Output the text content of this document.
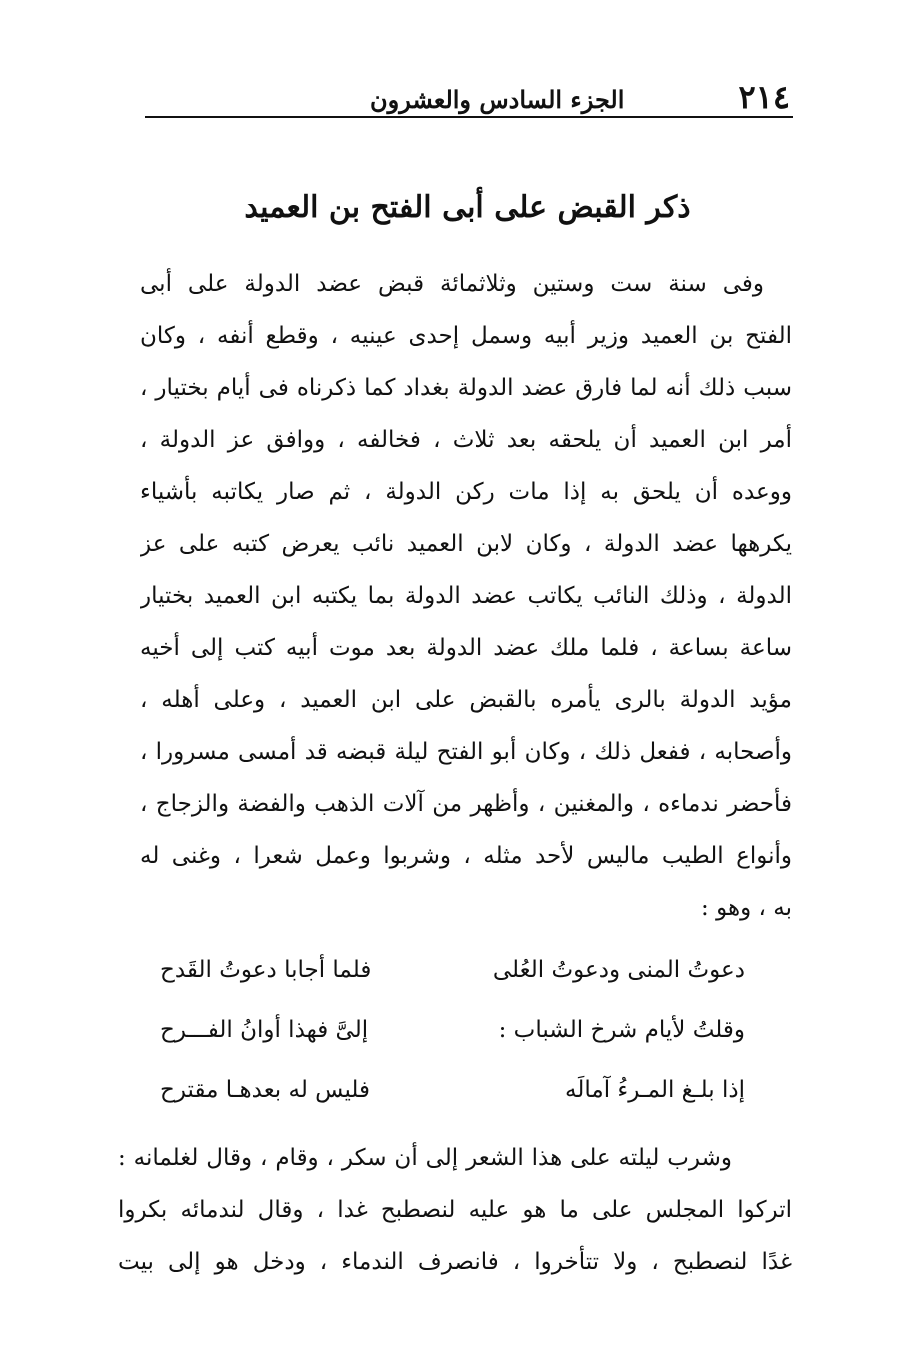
٢١٤
الجزء السادس والعشرون
ذكر القبض على أبى الفتح بن العميد
وفى سنة ست وستين وثلاثمائة قبض عضد الدولة على أبى
الفتح بن العميد وزير أبيه وسمل إحدى عينيه ، وقطع أنفه ، وكان
سبب ذلك أنه لما فارق عضد الدولة بغداد كما ذكرناه فى أيام بختيار ،
أمر ابن العميد أن يلحقه بعد ثلاث ، فخالفه ، ووافق عز الدولة ،
ووعده أن يلحق به إذا مات ركن الدولة ، ثم صار يكاتبه بأشياء
يكرهها عضد الدولة ، وكان لابن العميد نائب يعرض كتبه على عز
الدولة ، وذلك النائب يكاتب عضد الدولة بما يكتبه ابن العميد بختيار
ساعة بساعة ، فلما ملك عضد الدولة بعد موت أبيه كتب إلى أخيه
مؤيد الدولة بالرى يأمره بالقبض على ابن العميد ، وعلى أهله ،
وأصحابه ، ففعل ذلك ، وكان أبو الفتح ليلة قبضه قد أمسى مسرورا ،
فأحضر ندماءه ، والمغنين ، وأظهر من آلات الذهب والفضة والزجاج ،
وأنواع الطيب ماليس لأحد مثله ، وشربوا وعمل شعرا ، وغنى له
به ، وهو :
دعوتُ المنى ودعوتُ العُلى
فلما أجابا دعوتُ القَدح
وقلتُ لأيام شرخ الشباب :
إلىَّ فهذا أوانُ الفـــرح
إذا بلـغ المـرءُ آمالَه
فليس له بعدهـا مقترح
وشرب ليلته على هذا الشعر إلى أن سكر ، وقام ، وقال لغلمانه :
اتركوا المجلس على ما هو عليه لنصطبح غدا ، وقال لندمائه بكروا
غدًا لنصطبح ، ولا تتأخروا ، فانصرف الندماء ، ودخل هو إلى بيت
